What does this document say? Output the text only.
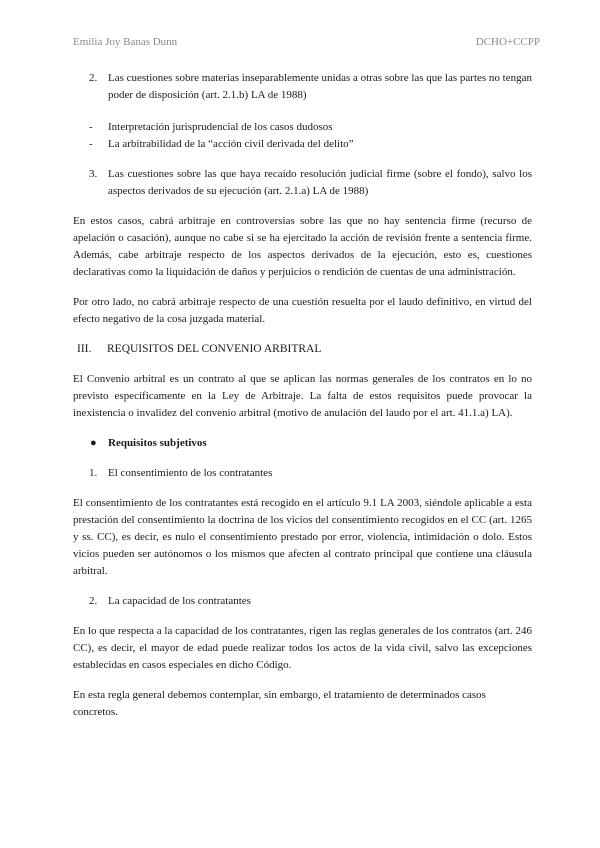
Emilia Joy Banas Dunn	DCHO+CCPP
2. Las cuestiones sobre materias inseparablemente unidas a otras sobre las que las partes no tengan poder de disposición (art. 2.1.b) LA de 1988)
- Interpretación jurisprudencial de los casos dudosos
- La arbitrabilidad de la “acción civil derivada del delito”
3. Las cuestiones sobre las que haya recaído resolución judicial firme (sobre el fondo), salvo los aspectos derivados de su ejecución (art. 2.1.a) LA de 1988)

En estos casos, cabrá arbitraje en controversias sobre las que no hay sentencia firme (recurso de apelación o casación), aunque no cabe si se ha ejercitado la acción de revisión frente a sentencia firme. Además, cabe arbitraje respecto de los aspectos derivados de la ejecución, esto es, cuestiones declarativas como la liquidación de daños y perjuicios o rendición de cuentas de una administración.

Por otro lado, no cabrá arbitraje respecto de una cuestión resuelta por el laudo definitivo, en virtud del efecto negativo de la cosa juzgada material.

III. REQUISITOS DEL CONVENIO ARBITRAL

El Convenio arbitral es un contrato al que se aplican las normas generales de los contratos en lo no previsto específicamente en la Ley de Arbitraje. La falta de estos requisitos puede provocar la inexistencia o invalidez del convenio arbitral (motivo de anulación del laudo por el art. 41.1.a) LA).

● Requisitos subjetivos
1. El consentimiento de los contratantes

El consentimiento de los contratantes está recogido en el artículo 9.1 LA 2003, siéndole aplicable a esta prestación del consentimiento la doctrina de los vicios del consentimiento recogidos en el CC (art. 1265 y ss. CC), es decir, es nulo el consentimiento prestado por error, violencia, intimidación o dolo. Estos vicios pueden ser autónomos o los mismos que afecten al contrato principal que contiene una cláusula arbitral.

2. La capacidad de los contratantes

En lo que respecta a la capacidad de los contratantes, rigen las reglas generales de los contratos (art. 246 CC), es decir, el mayor de edad puede realizar todos los actos de la vida civil, salvo las excepciones establecidas en casos especiales en dicho Código.

En esta regla general debemos contemplar, sin embargo, el tratamiento de determinados casos concretos.
